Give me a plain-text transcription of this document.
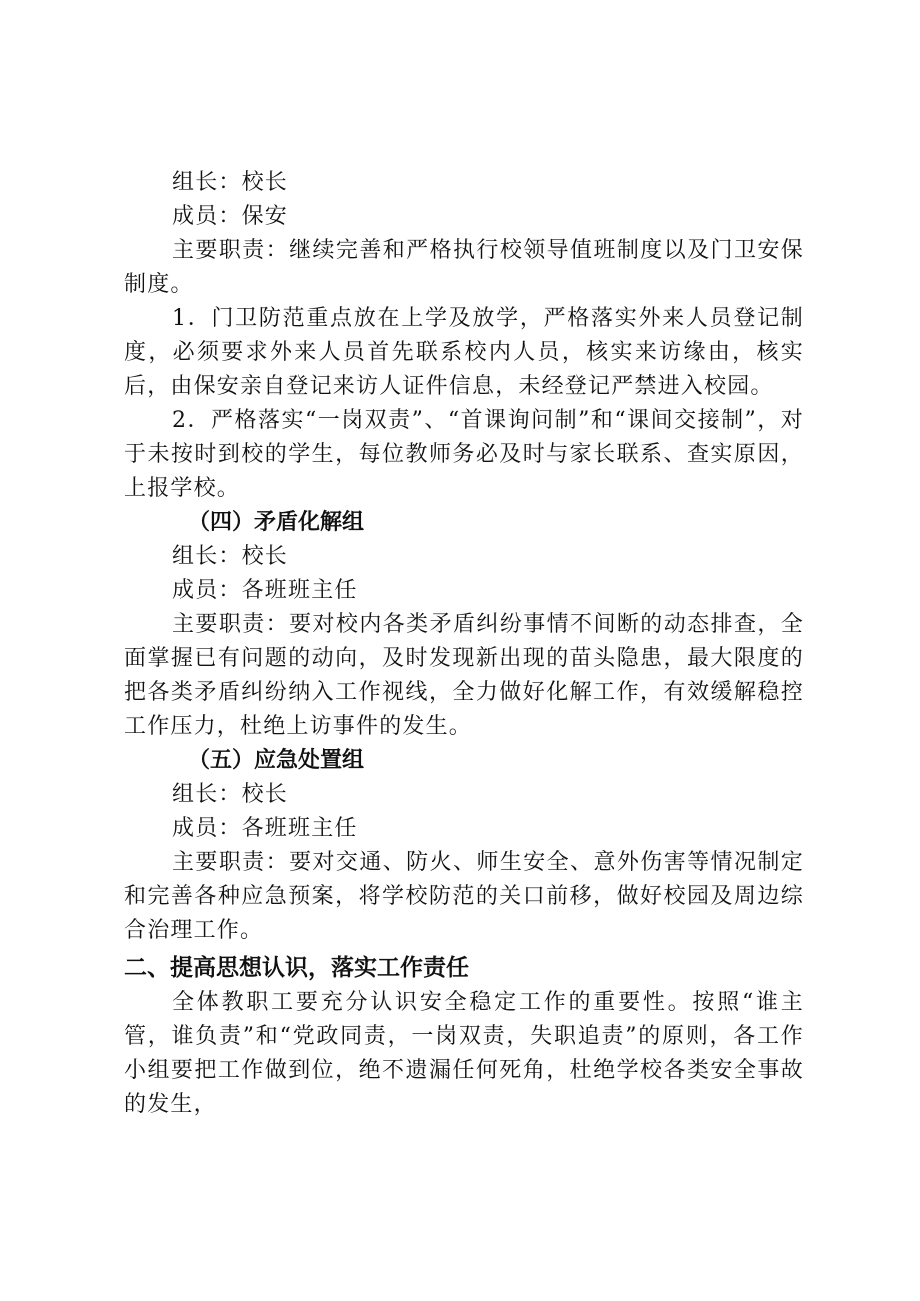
组长：校长
成员：保安

主要职责：继续完善和严格执行校领导值班制度以及门卫安保制度。

1．门卫防范重点放在上学及放学，严格落实外来人员登记制度，必须要求外来人员首先联系校内人员，核实来访缘由，核实后，由保安亲自登记来访人证件信息，未经登记严禁进入校园。

2．严格落实“一岗双责”、“首课询问制”和“课间交接制”，对于未按时到校的学生，每位教师务必及时与家长联系、查实原因，上报学校。

（四）矛盾化解组
组长：校长
成员：各班班主任

主要职责：要对校内各类矛盾纠纷事情不间断的动态排查，全面掌握已有问题的动向，及时发现新出现的苗头隐患，最大限度的把各类矛盾纠纷纳入工作视线，全力做好化解工作，有效缓解稳控工作压力，杜绝上访事件的发生。

（五）应急处置组
组长：校长
成员：各班班主任

主要职责：要对交通、防火、师生安全、意外伤害等情况制定和完善各种应急预案，将学校防范的关口前移，做好校园及周边综合治理工作。

二、提高思想认识，落实工作责任

全体教职工要充分认识安全稳定工作的重要性。按照“谁主管，谁负责”和“党政同责，一岗双责，失职追责”的原则，各工作小组要把工作做到位，绝不遗漏任何死角，杜绝学校各类安全事故的发生，
